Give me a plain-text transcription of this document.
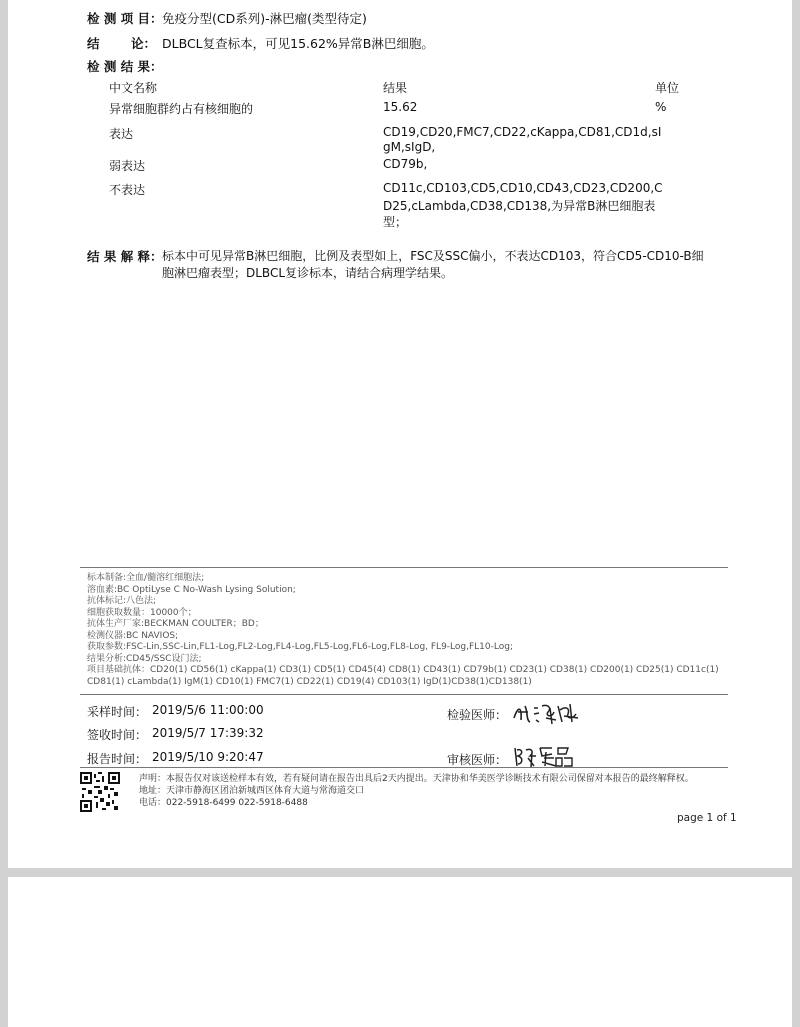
检 测 项 目： 免疫分型(CD系列)-淋巴瘤(类型待定)
结	论： DLBCL复查标本，可见15.62%异常B淋巴细胞。
检 测 结 果：
中文名称	结果	单位
异常细胞群约占有核细胞的	15.62	%
表达	CD19,CD20,FMC7,CD22,cKappa,CD81,CD1d,sI
gM,sIgD,
弱表达	CD79b,
不表达	CD11c,CD103,CD5,CD10,CD43,CD23,CD200,C
D25,cLambda,CD38,CD138,为异常B淋巴细胞表
型；
结 果 解 释： 标本中可见异常B淋巴细胞，比例及表型如上，FSC及SSC偏小，不表达CD103，符合CD5-CD10-B细
胞淋巴瘤表型；DLBCL复诊标本，请结合病理学结果。
标本制备:全血/髓溶红细胞法;
溶血素:BC OptiLyse C No-Wash Lysing Solution;
抗体标记:八色法;
细胞获取数量：10000个；
抗体生产厂家:BECKMAN COULTER；BD；
检测仪器:BC NAVIOS;
获取参数:FSC-Lin,SSC-Lin,FL1-Log,FL2-Log,FL4-Log,FL5-Log,FL6-Log,FL8-Log, FL9-Log,FL10-Log;
结果分析:CD45/SSC设门法;
项目基础抗体：CD20(1) CD56(1) cKappa(1) CD3(1) CD5(1) CD45(4) CD8(1) CD43(1) CD79b(1) CD23(1) CD38(1) CD200(1) CD25(1) CD11c(1)
CD81(1) cLambda(1) IgM(1) CD10(1) FMC7(1) CD22(1) CD19(4) CD103(1) IgD(1)CD38(1)CD138(1)
采样时间： 2019/5/6 11:00:00
签收时间： 2019/5/7 17:39:32
报告时间： 2019/5/10 9:20:47
检验医师：
审核医师：
声明：本报告仅对该送检样本有效，若有疑问请在报告出具后2天内提出。天津协和华美医学诊断技术有限公司保留对本报告的最终解释权。
地址：天津市静海区团泊新城西区体育大道与常海道交口
电话：022-5918-6499 022-5918-6488
page 1 of 1
